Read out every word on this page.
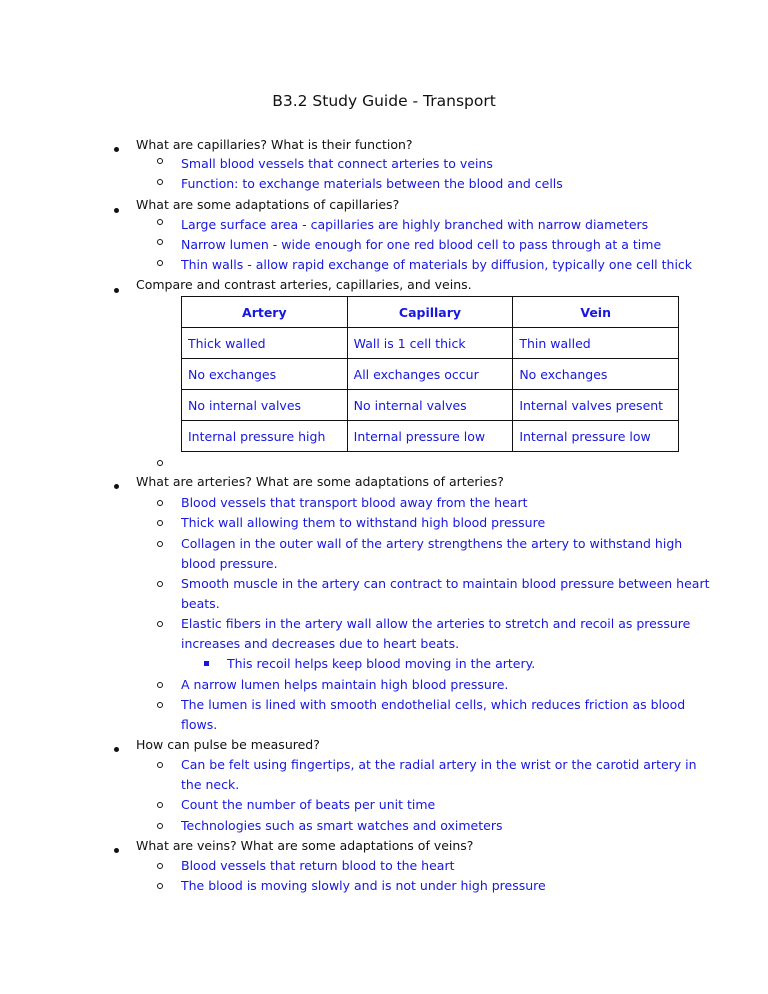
B3.2 Study Guide - Transport
What are capillaries? What is their function?
Small blood vessels that connect arteries to veins
Function: to exchange materials between the blood and cells
What are some adaptations of capillaries?
Large surface area - capillaries are highly branched with narrow diameters
Narrow lumen - wide enough for one red blood cell to pass through at a time
Thin walls - allow rapid exchange of materials by diffusion, typically one cell thick
Compare and contrast arteries, capillaries, and veins.
Artery	Capillary	Vein
Thick walled	Wall is 1 cell thick	Thin walled
No exchanges	All exchanges occur	No exchanges
No internal valves	No internal valves	Internal valves present
Internal pressure high	Internal pressure low	Internal pressure low
What are arteries? What are some adaptations of arteries?
Blood vessels that transport blood away from the heart
Thick wall allowing them to withstand high blood pressure
Collagen in the outer wall of the artery strengthens the artery to withstand high
blood pressure.
Smooth muscle in the artery can contract to maintain blood pressure between heart
beats.
Elastic fibers in the artery wall allow the arteries to stretch and recoil as pressure
increases and decreases due to heart beats.
This recoil helps keep blood moving in the artery.
A narrow lumen helps maintain high blood pressure.
The lumen is lined with smooth endothelial cells, which reduces friction as blood
flows.
How can pulse be measured?
Can be felt using fingertips, at the radial artery in the wrist or the carotid artery in
the neck.
Count the number of beats per unit time
Technologies such as smart watches and oximeters
What are veins? What are some adaptations of veins?
Blood vessels that return blood to the heart
The blood is moving slowly and is not under high pressure
